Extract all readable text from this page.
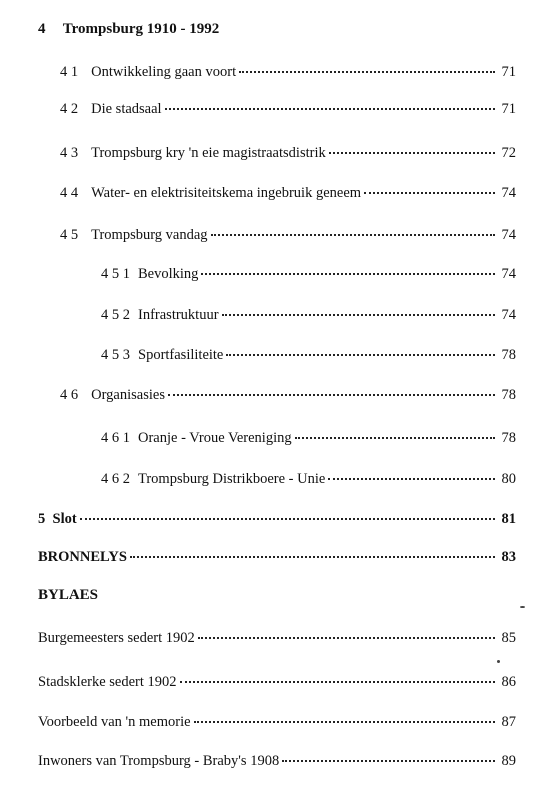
4 Trompsburg 1910 - 1992
4 1 Ontwikkeling gaan voort	71
4 2 Die stadsaal	71
4 3 Trompsburg kry 'n eie magistraatsdistrik	72
4 4 Water- en elektrisiteitskema ingebruik geneem	74
4 5 Trompsburg vandag	74
4 5 1 Bevolking	74
4 5 2 Infrastruktuur	74
4 5 3 Sportfasiliteite	78
4 6 Organisasies	78
4 6 1 Oranje - Vroue Vereniging	78
4 6 2 Trompsburg Distrikboere - Unie	80
5  Slot	81
BRONNELYS	83
BYLAES
Burgemeesters sedert 1902	85
Stadsklerke sedert 1902	86
Voorbeeld van 'n memorie	87
Inwoners van Trompsburg - Braby's 1908	89
